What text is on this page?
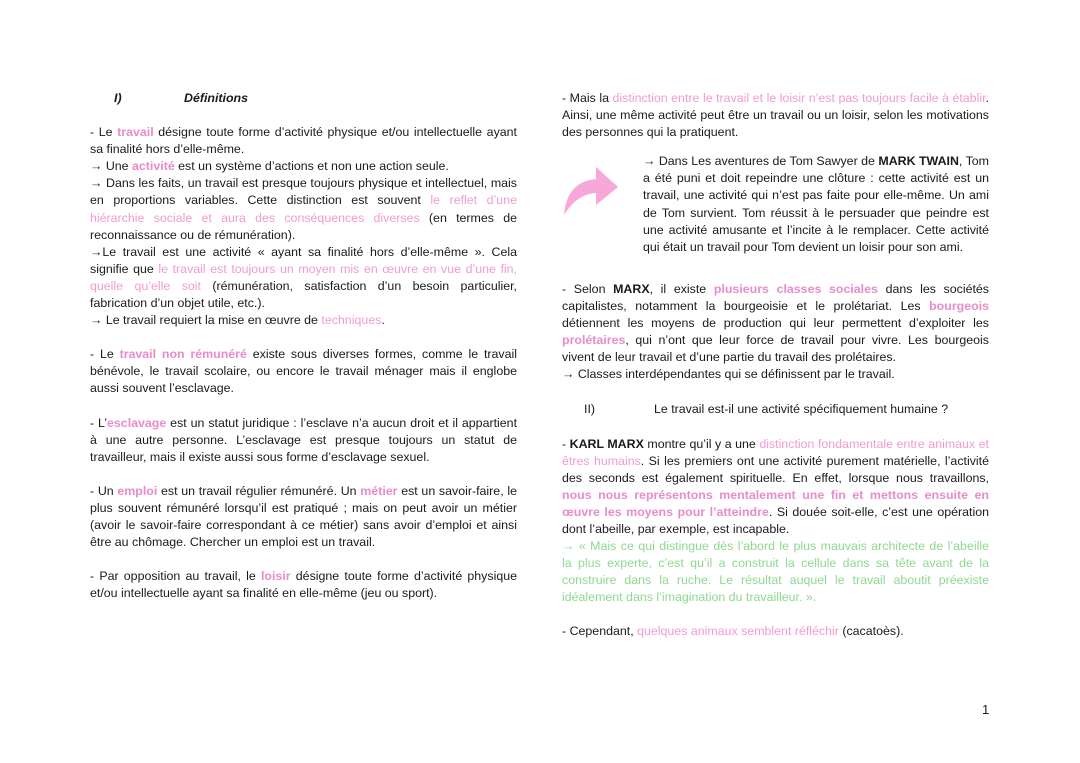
I)	Définitions

- Le travail désigne toute forme d’activité physique et/ou intellectuelle ayant sa finalité hors d’elle-même.
→ Une activité est un système d’actions et non une action seule.
→ Dans les faits, un travail est presque toujours physique et intellectuel, mais en proportions variables. Cette distinction est souvent le reflet d’une hiérarchie sociale et aura des conséquences diverses (en termes de reconnaissance ou de rémunération).
→Le travail est une activité « ayant sa finalité hors d’elle-même ». Cela signifie que le travail est toujours un moyen mis en œuvre en vue d’une fin, quelle qu’elle soit (rémunération, satisfaction d’un besoin particulier, fabrication d’un objet utile, etc.).
→ Le travail requiert la mise en œuvre de techniques.

- Le travail non rémunéré existe sous diverses formes, comme le travail bénévole, le travail scolaire, ou encore le travail ménager mais il englobe aussi souvent l’esclavage.

- L’esclavage est un statut juridique : l’esclave n’a aucun droit et il appartient à une autre personne. L’esclavage est presque toujours un statut de travailleur, mais il existe aussi sous forme d’esclavage sexuel.

- Un emploi est un travail régulier rémunéré. Un métier est un savoir-faire, le plus souvent rémunéré lorsqu’il est pratiqué ; mais on peut avoir un métier (avoir le savoir-faire correspondant à ce métier) sans avoir d’emploi et ainsi être au chômage. Chercher un emploi est un travail.

- Par opposition au travail, le loisir désigne toute forme d’activité physique et/ou intellectuelle ayant sa finalité en elle-même (jeu ou sport).

- Mais la distinction entre le travail et le loisir n’est pas toujours facile à établir. Ainsi, une même activité peut être un travail ou un loisir, selon les motivations des personnes qui la pratiquent.

→ Dans Les aventures de Tom Sawyer de MARK TWAIN, Tom a été puni et doit repeindre une clôture : cette activité est un travail, une activité qui n’est pas faite pour elle-même. Un ami de Tom survient. Tom réussit à le persuader que peindre est une activité amusante et l’incite à le remplacer. Cette activité qui était un travail pour Tom devient un loisir pour son ami.

- Selon MARX, il existe plusieurs classes sociales dans les sociétés capitalistes, notamment la bourgeoisie et le prolétariat. Les bourgeois détiennent les moyens de production qui leur permettent d’exploiter les prolétaires, qui n’ont que leur force de travail pour vivre. Les bourgeois vivent de leur travail et d’une partie du travail des prolétaires.
→ Classes interdépendantes qui se définissent par le travail.

II)	Le travail est-il une activité spécifiquement humaine ?

- KARL MARX montre qu’il y a une distinction fondamentale entre animaux et êtres humains. Si les premiers ont une activité purement matérielle, l’activité des seconds est également spirituelle. En effet, lorsque nous travaillons, nous nous représentons mentalement une fin et mettons ensuite en œuvre les moyens pour l’atteindre. Si douée soit-elle, c’est une opération dont l’abeille, par exemple, est incapable.
→ « Mais ce qui distingue dès l’abord le plus mauvais architecte de l’abeille la plus experte, c’est qu’il a construit la cellule dans sa tête avant de la construire dans la ruche. Le résultat auquel le travail aboutit préexiste idéalement dans l’imagination du travailleur. ».

- Cependant, quelques animaux semblent réfléchir (cacatoès).

1
